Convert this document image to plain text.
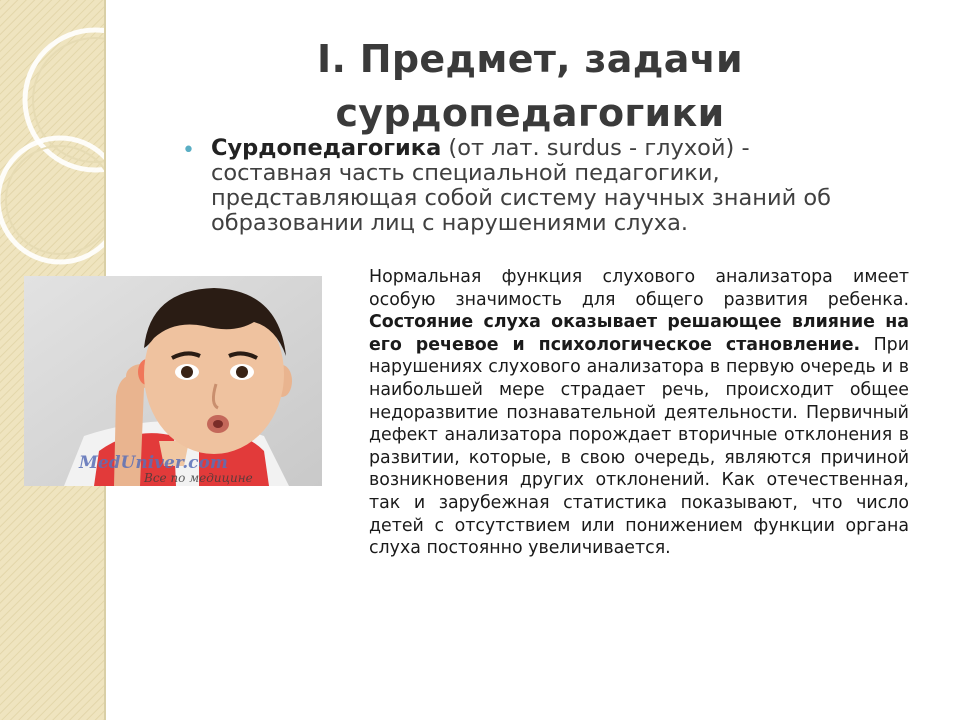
I. Предмет, задачи
сурдопедагогики
• Сурдопедагогика (от лат. surdus - глухой) - составная часть специальной педагогики, представляющая собой систему научных знаний об образовании лиц с нарушениями слуха.

MedUniver.com
Все по медицине

Нормальная функция слухового анализатора имеет особую значимость для общего развития ребенка. Состояние слуха оказывает решающее влияние на его речевое и психологическое становление. При нарушениях слухового анализатора в первую очередь и в наибольшей мере страдает речь, происходит общее недоразвитие познавательной деятельности. Первичный дефект анализатора порождает вторичные отклонения в развитии, которые, в свою очередь, являются причиной возникновения других отклонений. Как отечественная, так и зарубежная статистика показывают, что число детей с отсутствием или понижением функции органа слуха постоянно увеличивается.
